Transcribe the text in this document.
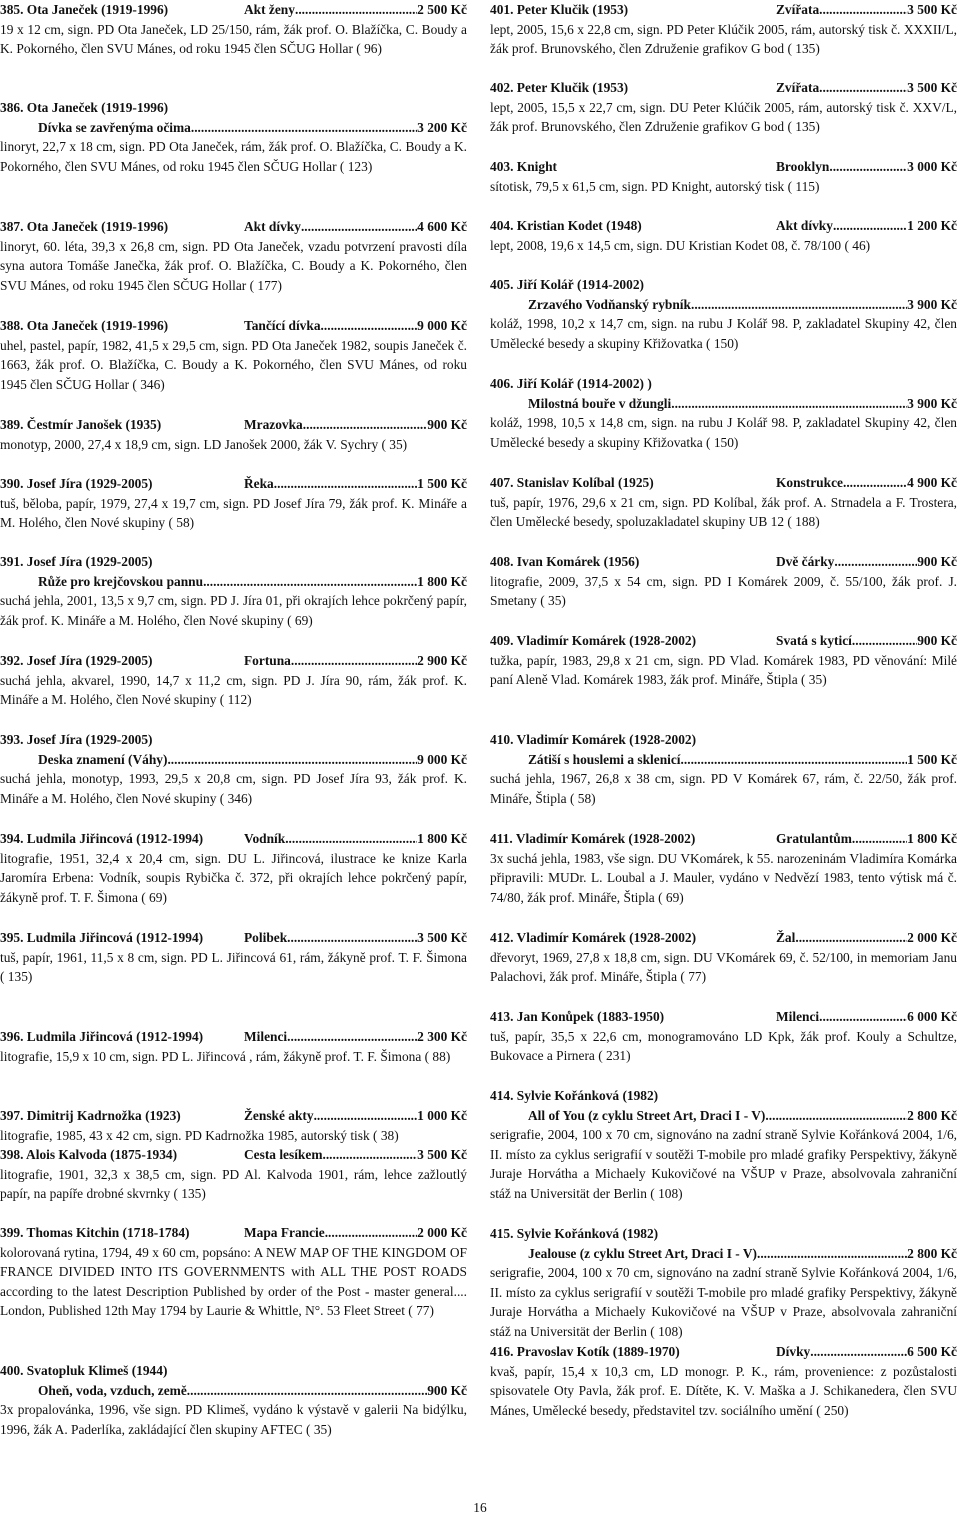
385. Ota Janeček (1919-1996)	Akt ženy .....	2 500 Kč
19 x 12 cm, sign. PD Ota Janeček, LD 25/150, rám, žák prof. O. Blažíčka, C. Boudy a K. Pokorného, člen SVU Mánes, od roku 1945 člen SČUG Hollar ( 96)
386. Ota Janeček (1919-1996)
Dívka se zavřenýma očima .....	3 200 Kč
linoryt, 22,7 x 18 cm, sign. PD Ota Janeček, rám, žák prof. O. Blažíčka, C. Boudy a K. Pokorného, člen SVU Mánes, od roku 1945 člen SČUG Hollar ( 123)
387. Ota Janeček (1919-1996)	Akt dívky .....	4 600 Kč
linoryt, 60. léta, 39,3 x 26,8 cm, sign. PD Ota Janeček, vzadu potvrzení pravosti díla syna autora Tomáše Janečka, žák prof. O. Blažíčka, C. Boudy a K. Pokorného, člen SVU Mánes, od roku 1945 člen SČUG Hollar ( 177)
388. Ota Janeček (1919-1996)	Tančící dívka .....	9 000 Kč
uhel, pastel, papír, 1982, 41,5 x 29,5 cm, sign. PD Ota Janeček 1982, soupis Janeček č. 1663, žák prof. O. Blažíčka, C. Boudy a K. Pokorného, člen SVU Mánes, od roku 1945 člen SČUG Hollar ( 346)
389. Čestmír Janošek (1935)	Mrazovka .....	900 Kč
monotyp, 2000, 27,4 x 18,9 cm, sign. LD Janošek 2000, žák V. Sychry ( 35)
390. Josef Jíra (1929-2005)	Řeka .....	1 500 Kč
tuš, běloba, papír, 1979, 27,4 x 19,7 cm, sign. PD Josef Jíra 79, žák prof. K. Mináře a M. Holého, člen Nové skupiny ( 58)
391. Josef Jíra (1929-2005)
Růže pro krejčovskou pannu .....	1 800 Kč
suchá jehla, 2001, 13,5 x 9,7 cm, sign. PD J. Jíra 01, při okrajích lehce pokrčený papír, žák prof. K. Mináře a M. Holého, člen Nové skupiny ( 69)
392. Josef Jíra (1929-2005)	Fortuna .....	2 900 Kč
suchá jehla, akvarel, 1990, 14,7 x 11,2 cm, sign. PD J. Jíra 90, rám, žák prof. K. Mináře a M. Holého, člen Nové skupiny ( 112)
393. Josef Jíra (1929-2005)
Deska znamení (Váhy) .....	9 000 Kč
suchá jehla, monotyp, 1993, 29,5 x 20,8 cm, sign. PD Josef Jíra 93, žák prof. K. Mináře a M. Holého, člen Nové skupiny ( 346)
394. Ludmila Jiřincová (1912-1994)	Vodník .....	1 800 Kč
litografie, 1951, 32,4 x 20,4 cm, sign. DU L. Jiřincová, ilustrace ke knize Karla Jaromíra Erbena: Vodník, soupis Rybička č. 372, při okrajích lehce pokrčený papír, žákyně prof. T. F. Šimona ( 69)
395. Ludmila Jiřincová (1912-1994)	Polibek .....	3 500 Kč
tuš, papír, 1961, 11,5 x 8 cm, sign. PD L. Jiřincová 61, rám, žákyně prof. T. F. Šimona ( 135)
396. Ludmila Jiřincová (1912-1994)	Milenci .....	2 300 Kč
litografie, 15,9 x 10 cm, sign. PD L. Jiřincová , rám, žákyně prof. T. F. Šimona ( 88)
397. Dimitrij Kadrnožka (1923)	Ženské akty .....	1 000 Kč
litografie, 1985, 43 x 42 cm, sign. PD Kadrnožka 1985, autorský tisk ( 38)
398. Alois Kalvoda (1875-1934)	Cesta lesíkem .....	3 500 Kč
litografie, 1901, 32,3 x 38,5 cm, sign. PD Al. Kalvoda 1901, rám, lehce zažloutlý papír, na papíře drobné skvrnky ( 135)
399. Thomas Kitchin (1718-1784)	Mapa Francie .....	2 000 Kč
kolorovaná rytina, 1794, 49 x 60 cm, popsáno: A NEW MAP OF THE KINGDOM OF FRANCE DIVIDED INTO ITS GOVERNMENTS with ALL THE POST ROADS according to the latest Description Published by order of the Post - master general.... London, Published 12th May 1794 by Laurie & Whittle, N°. 53 Fleet Street ( 77)
400. Svatopluk Klimeš (1944)
Oheň, voda, vzduch, země .....	900 Kč
3x propalovánka, 1996, vše sign. PD Klimeš, vydáno k výstavě v galerii Na bidýlku, 1996, žák A. Paderlíka, zakládající člen skupiny AFTEC ( 35)
401. Peter Klučik (1953)	Zvířata .....	3 500 Kč
lept, 2005, 15,6 x 22,8 cm, sign. PD Peter Klúčik 2005, rám, autorský tisk č. XXXII/L, žák prof. Brunovského, člen Združenie grafikov G bod ( 135)
402. Peter Klučik (1953)	Zvířata .....	3 500 Kč
lept, 2005, 15,5 x 22,7 cm, sign. DU Peter Klúčik 2005, rám, autorský tisk č. XXV/L, žák prof. Brunovského, člen Združenie grafikov G bod ( 135)
403. Knight	Brooklyn .....	3 000 Kč
sítotisk, 79,5 x 61,5 cm, sign. PD Knight, autorský tisk ( 115)
404. Kristian Kodet (1948)	Akt dívky .....	1 200 Kč
lept, 2008, 19,6 x 14,5 cm, sign. DU Kristian Kodet 08, č. 78/100 ( 46)
405. Jiří Kolář (1914-2002)
Zrzavého Vodňanský rybník .....	3 900 Kč
koláž, 1998, 10,2 x 14,7 cm, sign. na rubu J Kolář 98. P, zakladatel Skupiny 42, člen Umělecké besedy a skupiny Křižovatka ( 150)
406. Jiří Kolář (1914-2002) )
Milostná bouře v džungli .....	3 900 Kč
koláž, 1998, 10,5 x 14,8 cm, sign. na rubu J Kolář 98. P, zakladatel Skupiny 42, člen Umělecké besedy a skupiny Křižovatka ( 150)
407. Stanislav Kolíbal (1925)	Konstrukce .....	4 900 Kč
tuš, papír, 1976, 29,6 x 21 cm, sign. PD Kolíbal, žák prof. A. Strnadela a F. Trostera, člen Umělecké besedy, spoluzakladatel skupiny UB 12 ( 188)
408. Ivan Komárek (1956)	Dvě čárky .....	900 Kč
litografie, 2009, 37,5 x 54 cm, sign. PD I Komárek 2009, č. 55/100, žák prof. J. Smetany ( 35)
409. Vladimír Komárek (1928-2002)	Svatá s kyticí .....	900 Kč
tužka, papír, 1983, 29,8 x 21 cm, sign. PD Vlad. Komárek 1983, PD věnování: Milé paní Aleně Vlad. Komárek 1983, žák prof. Mináře, Štipla ( 35)
410. Vladimír Komárek (1928-2002)
Zátiší s houslemi a sklenicí .....	1 500 Kč
suchá jehla, 1967, 26,8 x 38 cm, sign. PD V Komárek 67, rám, č. 22/50, žák prof. Mináře, Štipla ( 58)
411. Vladimír Komárek (1928-2002)	Gratulantům .....	1 800 Kč
3x suchá jehla, 1983, vše sign. DU VKomárek, k 55. narozeninám Vladimíra Komárka připravili: MUDr. L. Loubal a J. Mauler, vydáno v Nedvězí 1983, tento výtisk má č. 74/80, žák prof. Mináře, Štipla ( 69)
412. Vladimír Komárek (1928-2002)	Žal .....	2 000 Kč
dřevoryt, 1969, 27,8 x 18,8 cm, sign. DU VKomárek 69, č. 52/100, in memoriam Janu Palachovi, žák prof. Mináře, Štipla ( 77)
413. Jan Konůpek (1883-1950)	Milenci .....	6 000 Kč
tuš, papír, 35,5 x 22,6 cm, monogramováno LD Kpk, žák prof. Kouly a Schultze, Bukovace a Pirnera ( 231)
414. Sylvie Kořánková (1982)
All of You (z cyklu Street Art, Draci I - V) .....	2 800 Kč
serigrafie, 2004, 100 x 70 cm, signováno na zadní straně Sylvie Kořánková 2004, 1/6, II. místo za cyklus serigrafií v soutěži T-mobile pro mladé grafiky Perspektivy, žákyně Juraje Horvátha a Michaely Kukovičové na VŠUP v Praze, absolvovala zahraniční stáž na Universität der Berlin ( 108)
415. Sylvie Kořánková (1982)
Jealouse (z cyklu Street Art, Draci I - V) .....	2 800 Kč
serigrafie, 2004, 100 x 70 cm, signováno na zadní straně Sylvie Kořánková 2004, 1/6, II. místo za cyklus serigrafií v soutěži T-mobile pro mladé grafiky Perspektivy, žákyně Juraje Horvátha a Michaely Kukovičové na VŠUP v Praze, absolvovala zahraniční stáž na Universität der Berlin ( 108)
416. Pravoslav Kotík (1889-1970)	Dívky .....	6 500 Kč
kvaš, papír, 15,4 x 10,3 cm, LD monogr. P. K., rám, provenience: z pozůstalosti spisovatele Oty Pavla, žák prof. E. Dítěte, K. V. Maška a J. Schikanedera, člen SVU Mánes, Umělecké besedy, představitel tzv. sociálního umění ( 250)
16
